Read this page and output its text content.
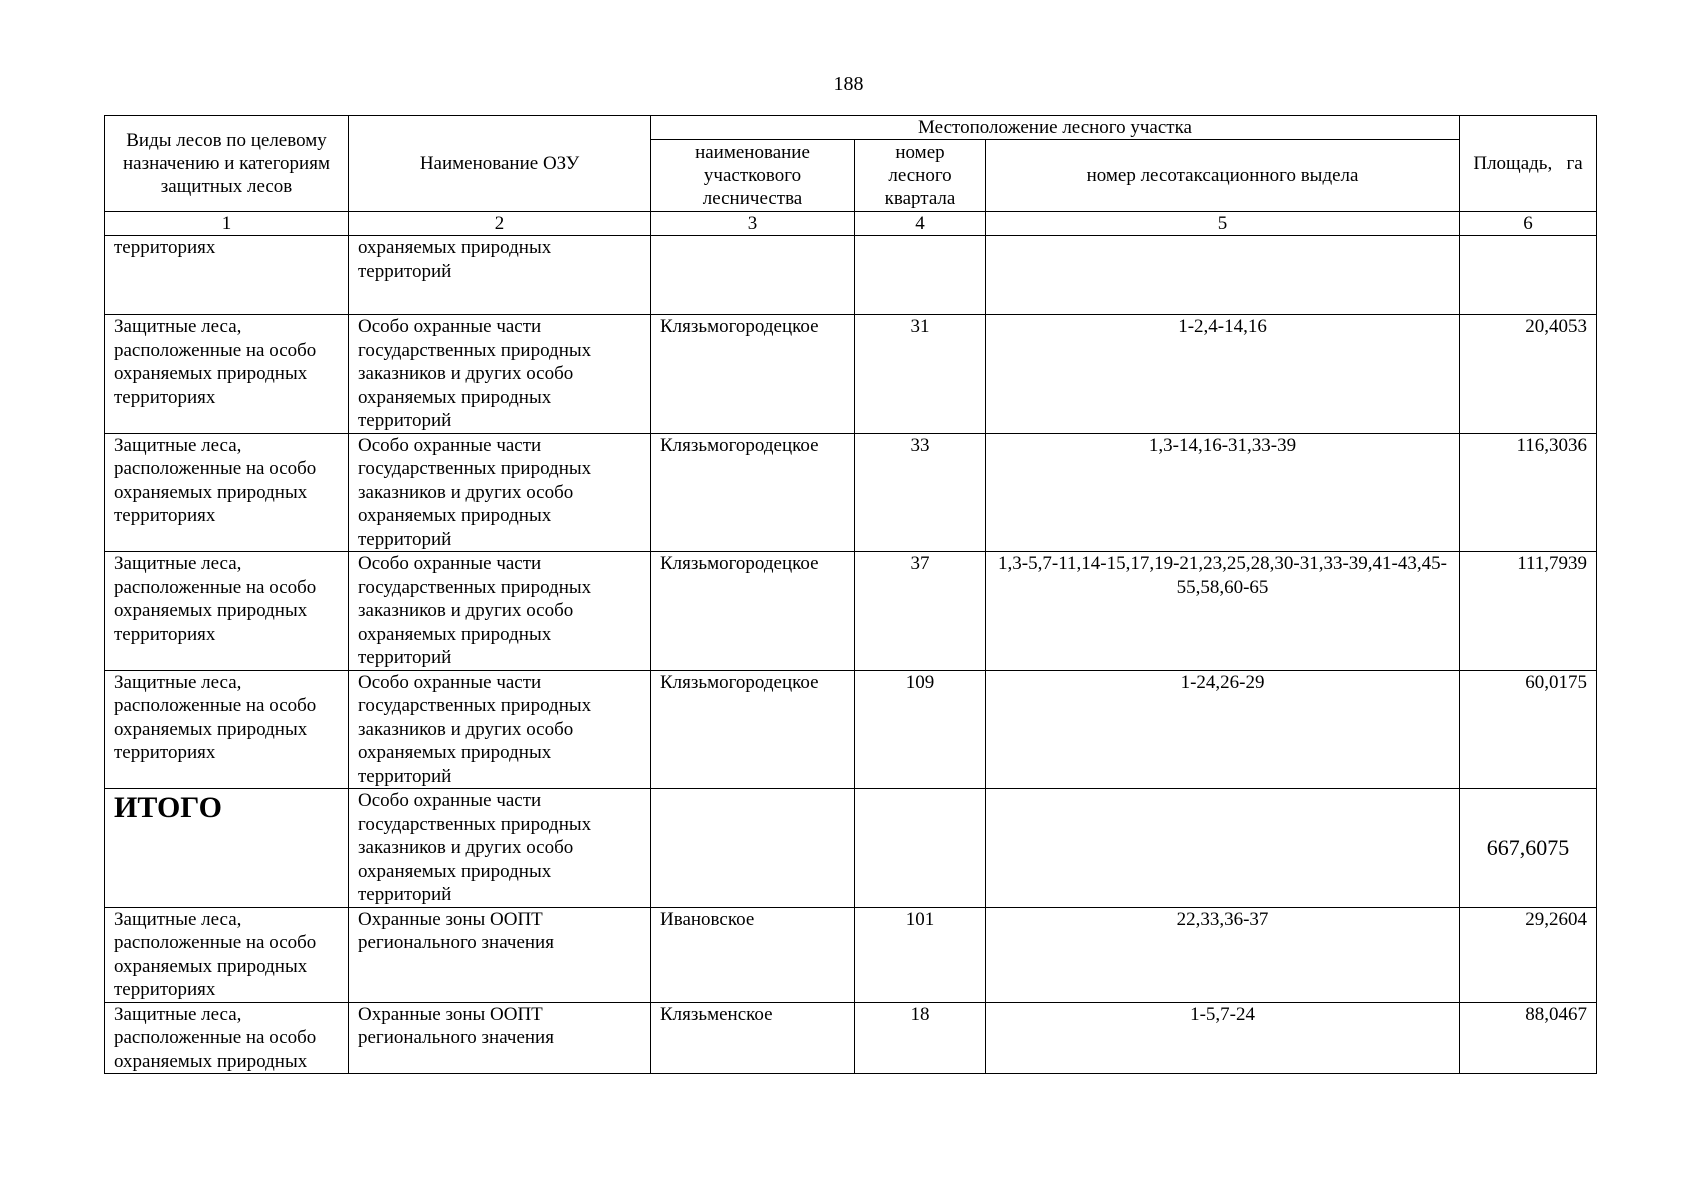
188
Виды лесов по целевому назначению и категориям защитных лесов	Наименование ОЗУ	Местоположение лесного участка			Площадь,   га
		наименование участкового лесничества	номер лесного квартала	номер лесотаксационного выдела	
1	2	3	4	5	6
территориях	охраняемых природных территорий				
Защитные леса, расположенные на особо охраняемых природных территориях	Особо охранные части государственных природных заказников и других особо охраняемых природных территорий	Клязьмогородецкое	31	1-2,4-14,16	20,4053
Защитные леса, расположенные на особо охраняемых природных территориях	Особо охранные части государственных природных заказников и других особо охраняемых природных территорий	Клязьмогородецкое	33	1,3-14,16-31,33-39	116,3036
Защитные леса, расположенные на особо охраняемых природных территориях	Особо охранные части государственных природных заказников и других особо охраняемых природных территорий	Клязьмогородецкое	37	1,3-5,7-11,14-15,17,19-21,23,25,28,30-31,33-39,41-43,45-55,58,60-65	111,7939
Защитные леса, расположенные на особо охраняемых природных территориях	Особо охранные части государственных природных заказников и других особо охраняемых природных территорий	Клязьмогородецкое	109	1-24,26-29	60,0175
ИТОГО	Особо охранные части государственных природных заказников и других особо охраняемых природных территорий				667,6075
Защитные леса, расположенные на особо охраняемых природных территориях	Охранные зоны ООПТ регионального значения	Ивановское	101	22,33,36-37	29,2604
Защитные леса, расположенные на особо охраняемых природных	Охранные зоны ООПТ регионального значения	Клязьменское	18	1-5,7-24	88,0467
